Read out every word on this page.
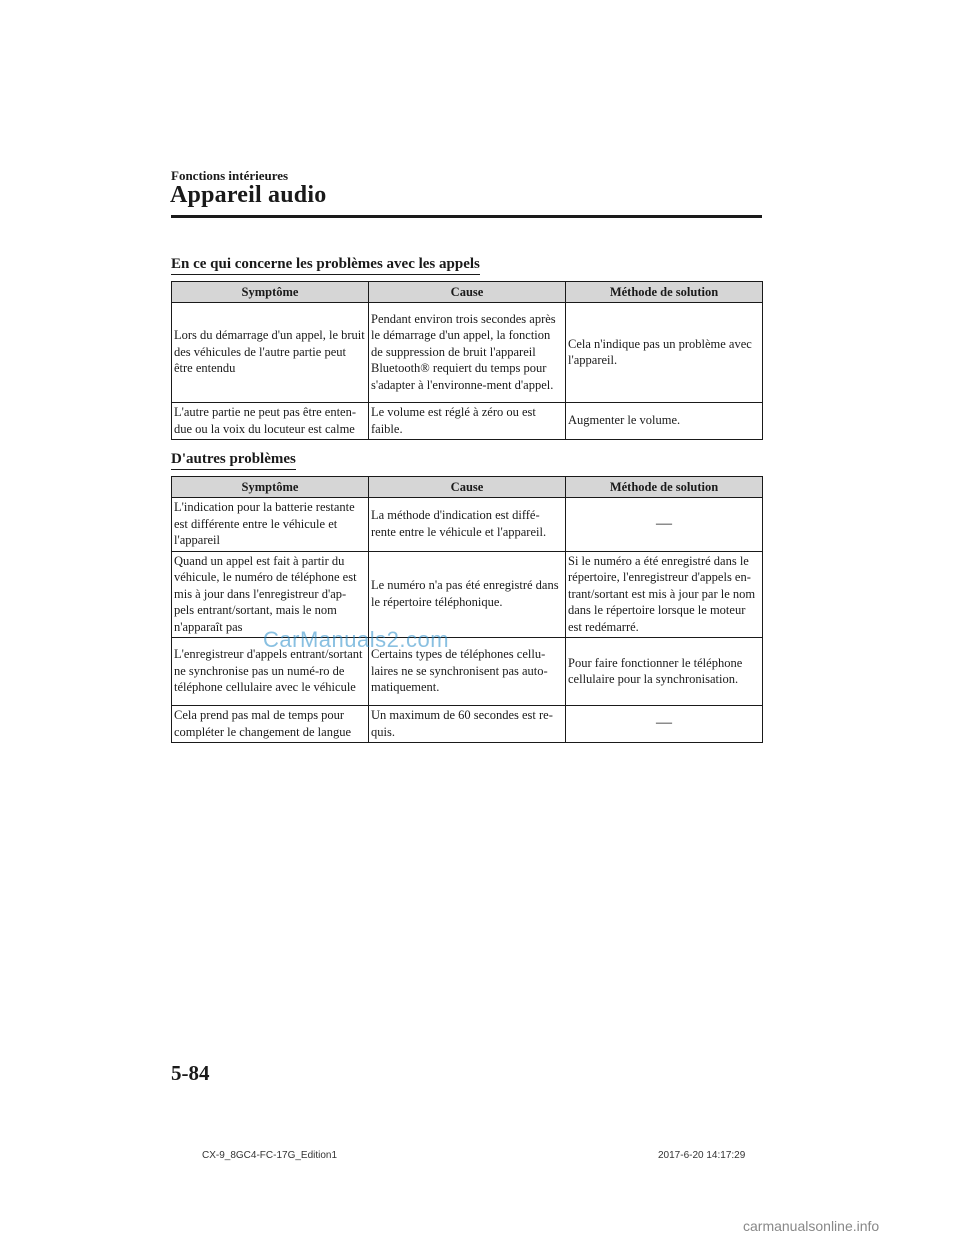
Fonctions intérieures
Appareil audio
En ce qui concerne les problèmes avec les appels
Symptôme	Cause	Méthode de solution
Lors du démarrage d'un appel, le bruit des véhicules de l'autre partie peut être entendu	Pendant environ trois secondes après le démarrage d'un appel, la fonction de suppression de bruit l'appareil Bluetooth® requiert du temps pour s'adapter à l'environne-ment d'appel.	Cela n'indique pas un problème avec l'appareil.
L'autre partie ne peut pas être enten-due ou la voix du locuteur est calme	Le volume est réglé à zéro ou est faible.	Augmenter le volume.
D'autres problèmes
Symptôme	Cause	Méthode de solution
L'indication pour la batterie restante est différente entre le véhicule et l'appareil	La méthode d'indication est diffé-rente entre le véhicule et l'appareil.	—
Quand un appel est fait à partir du véhicule, le numéro de téléphone est mis à jour dans l'enregistreur d'ap-pels entrant/sortant, mais le nom n'apparaît pas	Le numéro n'a pas été enregistré dans le répertoire téléphonique.	Si le numéro a été enregistré dans le répertoire, l'enregistreur d'appels en-trant/sortant est mis à jour par le nom dans le répertoire lorsque le moteur est redémarré.
L'enregistreur d'appels entrant/sortant ne synchronise pas un numé-ro de téléphone cellulaire avec le véhicule	Certains types de téléphones cellu-laires ne se synchronisent pas auto-matiquement.	Pour faire fonctionner le téléphone cellulaire pour la synchronisation.
Cela prend pas mal de temps pour compléter le changement de langue	Un maximum de 60 secondes est re-quis.	—
CarManuals2.com
5-84
CX-9_8GC4-FC-17G_Edition1	2017-6-20 14:17:29
carmanualsonline.info
